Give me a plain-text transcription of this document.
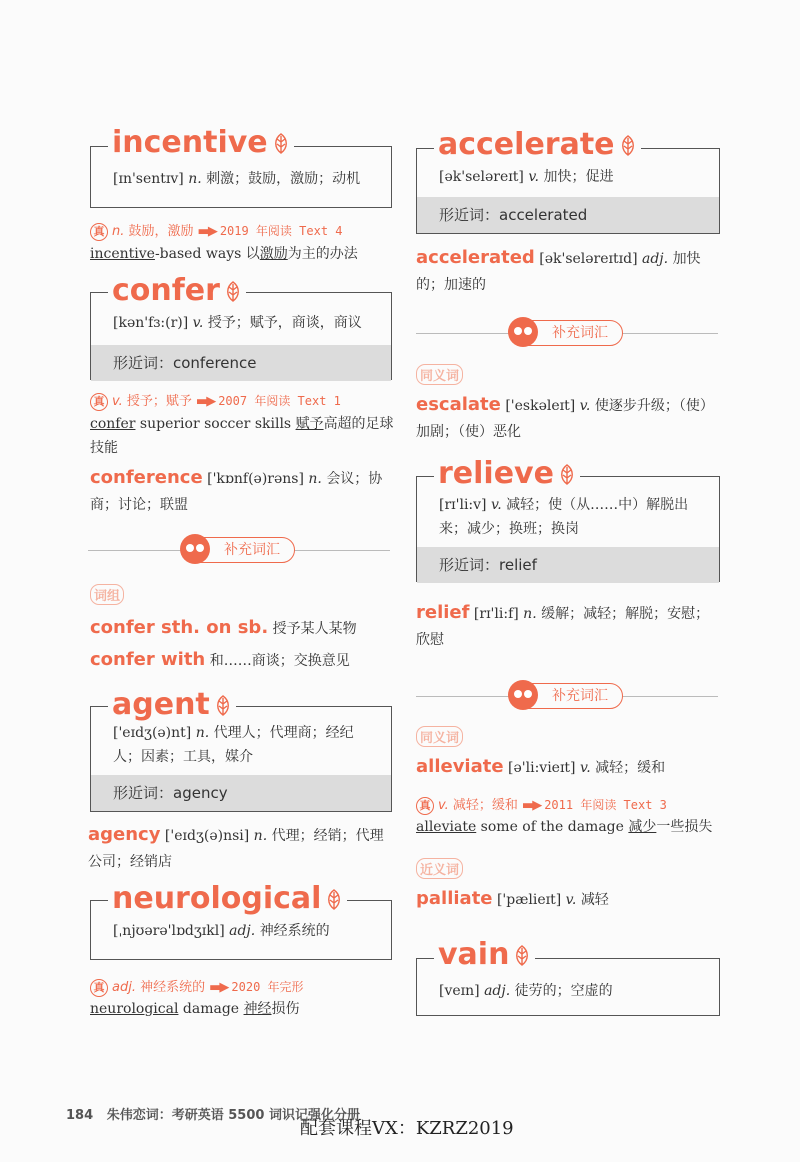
[ɪn'sentɪv] n. 刺激；鼓励，激励；动机
incentive
真 n. 鼓励，激励 ▬▶ 2019 年阅读 Text 4
incentive-based ways 以激励为主的办法
[kən'fɜ:(r)] v. 授予；赋予，商谈，商议
形近词：conference
confer
真 v. 授予；赋予 ▬▶ 2007 年阅读 Text 1
confer superior soccer skills 赋予高超的足球技能
conference ['kɒnf(ə)rəns] n. 会议；协商；讨论；联盟
补充词汇
词组
confer sth. on sb. 授予某人某物
confer with 和……商谈；交换意见
['eɪdʒ(ə)nt] n. 代理人；代理商；经纪人；因素；工具，媒介
形近词：agency
agent
agency ['eɪdʒ(ə)nsi] n. 代理；经销；代理公司；经销店
[ˌnjʊərə'lɒdʒɪkl] adj. 神经系统的
neurological
真 adj. 神经系统的 ▬▶ 2020 年完形
neurological damage 神经损伤
[ək'seləreɪt] v. 加快；促进
形近词：accelerated
accelerate
accelerated [ək'seləreɪtɪd] adj. 加快的；加速的
补充词汇
同义词
escalate ['eskəleɪt] v. 使逐步升级；（使）加剧；（使）恶化
[rɪ'li:v] v. 减轻；使（从……中）解脱出来；减少；换班；换岗
形近词：relief
relieve
relief [rɪ'li:f] n. 缓解；减轻；解脱；安慰；欣慰
补充词汇
同义词
alleviate [ə'li:vieɪt] v. 减轻；缓和
真 v. 减轻；缓和 ▬▶ 2011 年阅读 Text 3
alleviate some of the damage 减少一些损失
近义词
palliate ['pælieɪt] v. 减轻
[veɪn] adj. 徒劳的；空虚的
vain
184 朱伟恋词：考研英语 5500 词识记强化分册
配套课程VX：KZRZ2019
